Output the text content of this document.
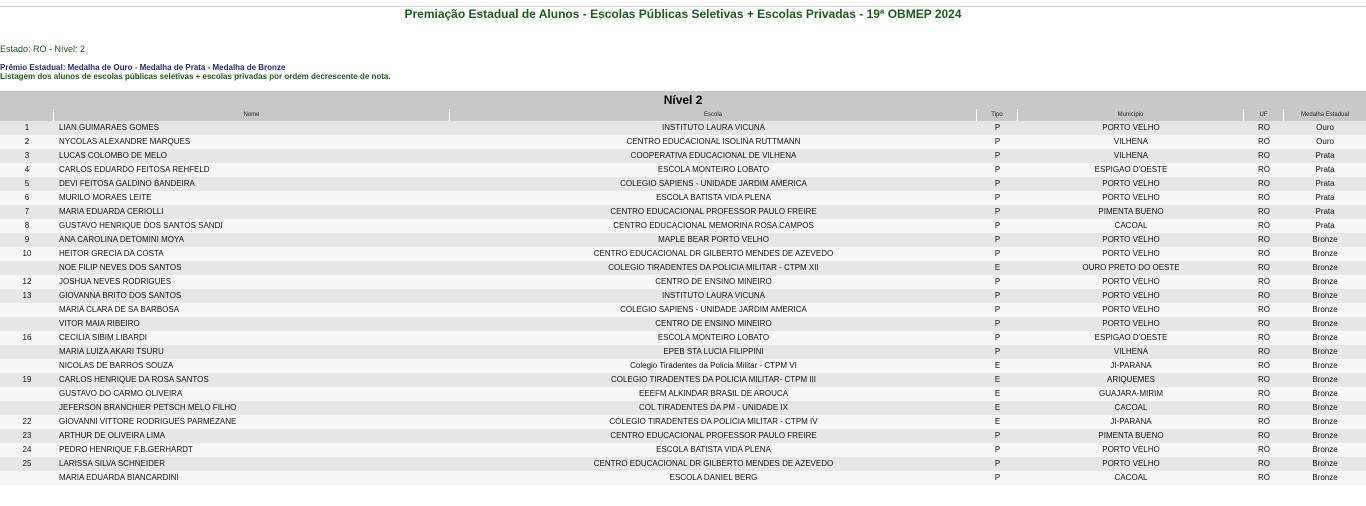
Premiação Estadual de Alunos - Escolas Públicas Seletivas + Escolas Privadas - 19ª OBMEP 2024
Estado: RO - Nível: 2
Prêmio Estadual: Medalha de Ouro - Medalha de Prata - Medalha de Bronze
Listagem dos alunos de escolas públicas seletivas + escolas privadas por ordem decrescente de nota.
Nível 2						
	Nome	Escola	Tipo	Município	UF	Medalha Estadual
1	LIAN GUIMARAES GOMES	INSTITUTO LAURA VICUNA	P	PORTO VELHO	RO	Ouro
2	NYCOLAS ALEXANDRE MARQUES	CENTRO EDUCACIONAL ISOLINA RUTTMANN	P	VILHENA	RO	Ouro
3	LUCAS COLOMBO DE MELO	COOPERATIVA EDUCACIONAL DE VILHENA	P	VILHENA	RO	Prata
4	CARLOS EDUARDO FEITOSA REHFELD	ESCOLA MONTEIRO LOBATO	P	ESPIGAO D'OESTE	RO	Prata
5	DEVI FEITOSA GALDINO BANDEIRA	COLEGIO SAPIENS - UNIDADE JARDIM AMERICA	P	PORTO VELHO	RO	Prata
6	MURILO MORAES LEITE	ESCOLA BATISTA VIDA PLENA	P	PORTO VELHO	RO	Prata
7	MARIA EDUARDA CERIOLLI	CENTRO EDUCACIONAL PROFESSOR PAULO FREIRE	P	PIMENTA BUENO	RO	Prata
8	GUSTAVO HENRIQUE DOS SANTOS SANDI	CENTRO EDUCACIONAL MEMORINA ROSA CAMPOS	P	CACOAL	RO	Prata
9	ANA CAROLINA DETOMINI MOYA	MAPLE BEAR PORTO VELHO	P	PORTO VELHO	RO	Bronze
10	HEITOR GRECIA DA COSTA	CENTRO EDUCACIONAL DR GILBERTO MENDES DE AZEVEDO	P	PORTO VELHO	RO	Bronze
	NOE FILIP NEVES DOS SANTOS	COLEGIO TIRADENTES DA POLICIA MILITAR - CTPM XII	E	OURO PRETO DO OESTE	RO	Bronze
12	JOSHUA NEVES RODRIGUES	CENTRO DE ENSINO MINEIRO	P	PORTO VELHO	RO	Bronze
13	GIOVANNA BRITO DOS SANTOS	INSTITUTO LAURA VICUNA	P	PORTO VELHO	RO	Bronze
	MARIA CLARA DE SA BARBOSA	COLEGIO SAPIENS - UNIDADE JARDIM AMERICA	P	PORTO VELHO	RO	Bronze
	VITOR MAIA RIBEIRO	CENTRO DE ENSINO MINEIRO	P	PORTO VELHO	RO	Bronze
16	CECILIA SIBIM LIBARDI	ESCOLA MONTEIRO LOBATO	P	ESPIGAO D'OESTE	RO	Bronze
	MARIA LUIZA AKARI TSURU	EPEB STA LUCIA FILIPPINI	P	VILHENA	RO	Bronze
	NICOLAS DE BARROS SOUZA	Colegio Tiradentes da Policia Militar - CTPM VI	E	JI-PARANA	RO	Bronze
19	CARLOS HENRIQUE DA ROSA SANTOS	COLEGIO TIRADENTES DA POLICIA MILITAR- CTPM III	E	ARIQUEMES	RO	Bronze
	GUSTAVO DO CARMO OLIVEIRA	EEEFM ALKINDAR BRASIL DE AROUCA	E	GUAJARA-MIRIM	RO	Bronze
	JEFERSON BRANCHIER PETSCH MELO FILHO	COL TIRADENTES DA PM - UNIDADE IX	E	CACOAL	RO	Bronze
22	GIOVANNI VITTORE RODRIGUES PARMEZANE	COLEGIO TIRADENTES DA POLICIA MILITAR - CTPM IV	E	JI-PARANA	RO	Bronze
23	ARTHUR DE OLIVEIRA LIMA	CENTRO EDUCACIONAL PROFESSOR PAULO FREIRE	P	PIMENTA BUENO	RO	Bronze
24	PEDRO HENRIQUE F.B.GERHARDT	ESCOLA BATISTA VIDA PLENA	P	PORTO VELHO	RO	Bronze
25	LARISSA SILVA SCHNEIDER	CENTRO EDUCACIONAL DR GILBERTO MENDES DE AZEVEDO	P	PORTO VELHO	RO	Bronze
	MARIA EDUARDA BIANCARDINI	ESCOLA DANIEL BERG	P	CACOAL	RO	Bronze
